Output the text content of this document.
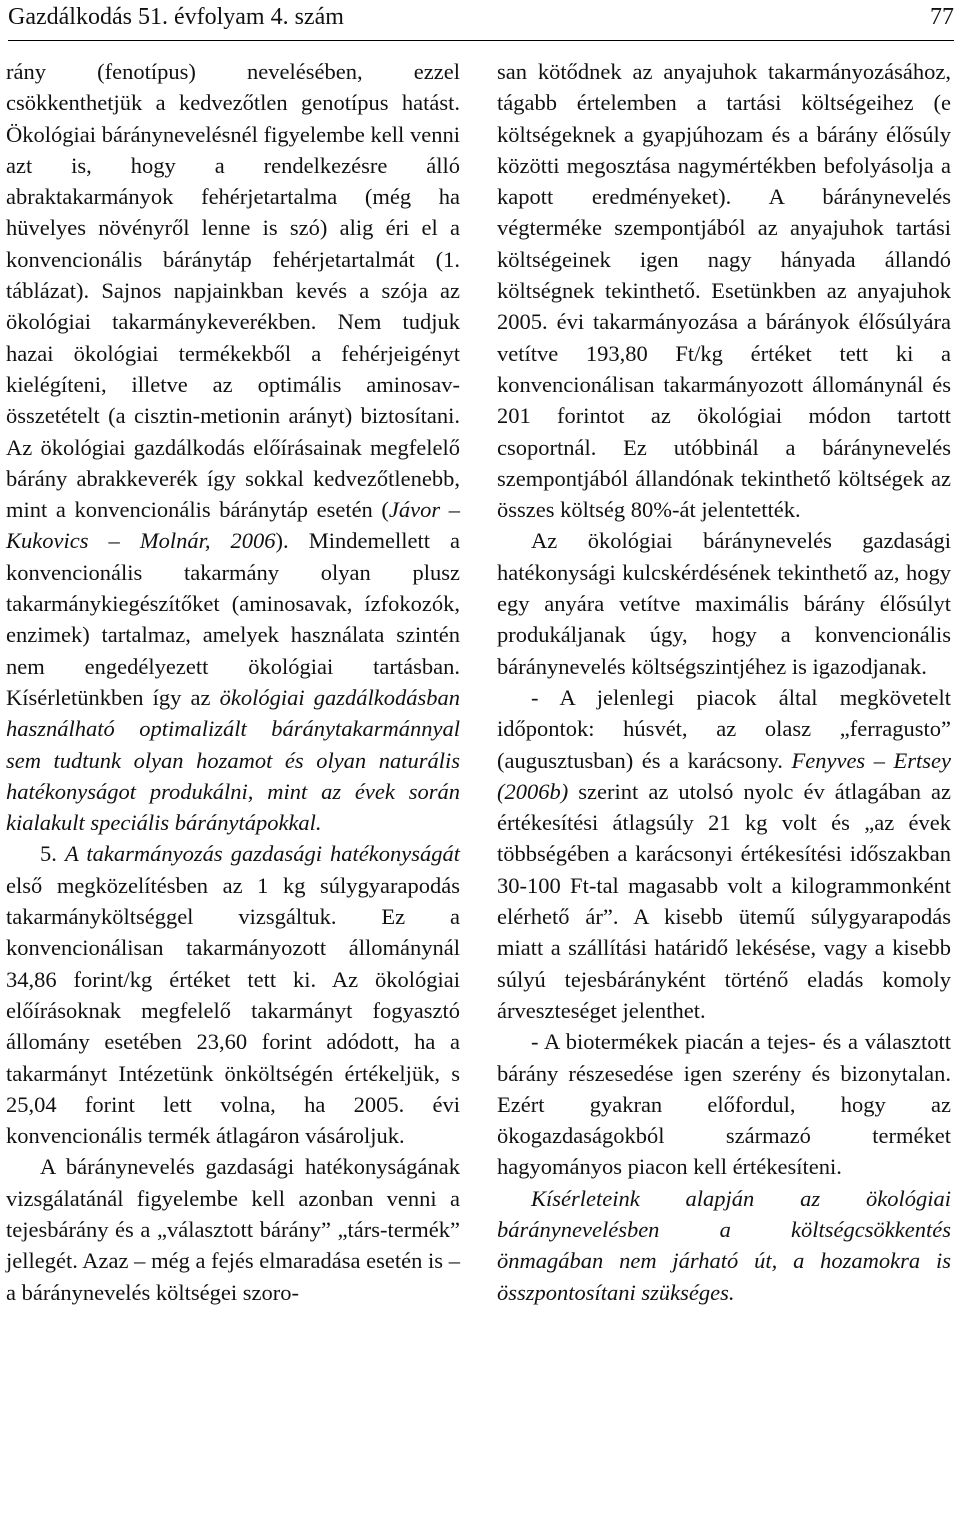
Gazdálkodás 51. évfolyam 4. szám	77

rány (fenotípus) nevelésében, ezzel csökkenthetjük a kedvezőtlen genotípus hatást. Ökológiai báránynevelésnél figyelembe kell venni azt is, hogy a rendelkezésre álló abraktakarmányok fehérjetartalma (még ha hüvelyes növényről lenne is szó) alig éri el a konvencionális báránytáp fehérjetartalmát (1. táblázat). Sajnos napjainkban kevés a szója az ökológiai takarmánykeverékben. Nem tudjuk hazai ökológiai termékekből a fehérjeigényt kielégíteni, illetve az optimális aminosav-összetételt (a cisztin-metionin arányt) biztosítani. Az ökológiai gazdálkodás előírásainak megfelelő bárány abrakkeverék így sokkal kedvezőtlenebb, mint a konvencionális báránytáp esetén (Jávor – Kukovics – Molnár, 2006). Mindemellett a konvencionális takarmány olyan plusz takarmánykiegészítőket (aminosavak, ízfokozók, enzimek) tartalmaz, amelyek használata szintén nem engedélyezett ökológiai tartásban. Kísérletünkben így az ökológiai gazdálkodásban használható optimalizált báránytakarmánnyal sem tudtunk olyan hozamot és olyan naturális hatékonyságot produkálni, mint az évek során kialakult speciális báránytápokkal.

5. A takarmányozás gazdasági hatékonyságát első megközelítésben az 1 kg súlygyarapodás takarmányköltséggel vizsgáltuk. Ez a konvencionálisan takarmányozott állománynál 34,86 forint/kg értéket tett ki. Az ökológiai előírásoknak megfelelő takarmányt fogyasztó állomány esetében 23,60 forint adódott, ha a takarmányt Intézetünk önköltségén értékeljük, s 25,04 forint lett volna, ha 2005. évi konvencionális termék átlagáron vásároljuk.

A báránynevelés gazdasági hatékonyságának vizsgálatánál figyelembe kell azonban venni a tejesbárány és a „választott bárány” „társ-termék” jellegét. Azaz – még a fejés elmaradása esetén is – a báránynevelés költségei szoro-

san kötődnek az anyajuhok takarmányozásához, tágabb értelemben a tartási költségeihez (e költségeknek a gyapjúhozam és a bárány élősúly közötti megosztása nagymértékben befolyásolja a kapott eredményeket). A báránynevelés végterméke szempontjából az anyajuhok tartási költségeinek igen nagy hányada állandó költségnek tekinthető. Esetünkben az anyajuhok 2005. évi takarmányozása a bárányok élősúlyára vetítve 193,80 Ft/kg értéket tett ki a konvencionálisan takarmányozott állománynál és 201 forintot az ökológiai módon tartott csoportnál. Ez utóbbinál a báránynevelés szempontjából állandónak tekinthető költségek az összes költség 80%-át jelentették.

Az ökológiai báránynevelés gazdasági hatékonysági kulcskérdésének tekinthető az, hogy egy anyára vetítve maximális bárány élősúlyt produkáljanak úgy, hogy a konvencionális báránynevelés költségszintjéhez is igazodjanak.

- A jelenlegi piacok által megkövetelt időpontok: húsvét, az olasz „ferragusto” (augusztusban) és a karácsony. Fenyves – Ertsey (2006b) szerint az utolsó nyolc év átlagában az értékesítési átlagsúly 21 kg volt és „az évek többségében a karácsonyi értékesítési időszakban 30-100 Ft-tal magasabb volt a kilogrammonként elérhető ár”. A kisebb ütemű súlygyarapodás miatt a szállítási határidő lekésése, vagy a kisebb súlyú tejesbárányként történő eladás komoly árveszteséget jelenthet.

- A biotermékek piacán a tejes- és a választott bárány részesedése igen szerény és bizonytalan. Ezért gyakran előfordul, hogy az ökogazdaságokból származó terméket hagyományos piacon kell értékesíteni.

Kísérleteink alapján az ökológiai báránynevelésben a költségcsökkentés önmagában nem járható út, a hozamokra is összpontosítani szükséges.
